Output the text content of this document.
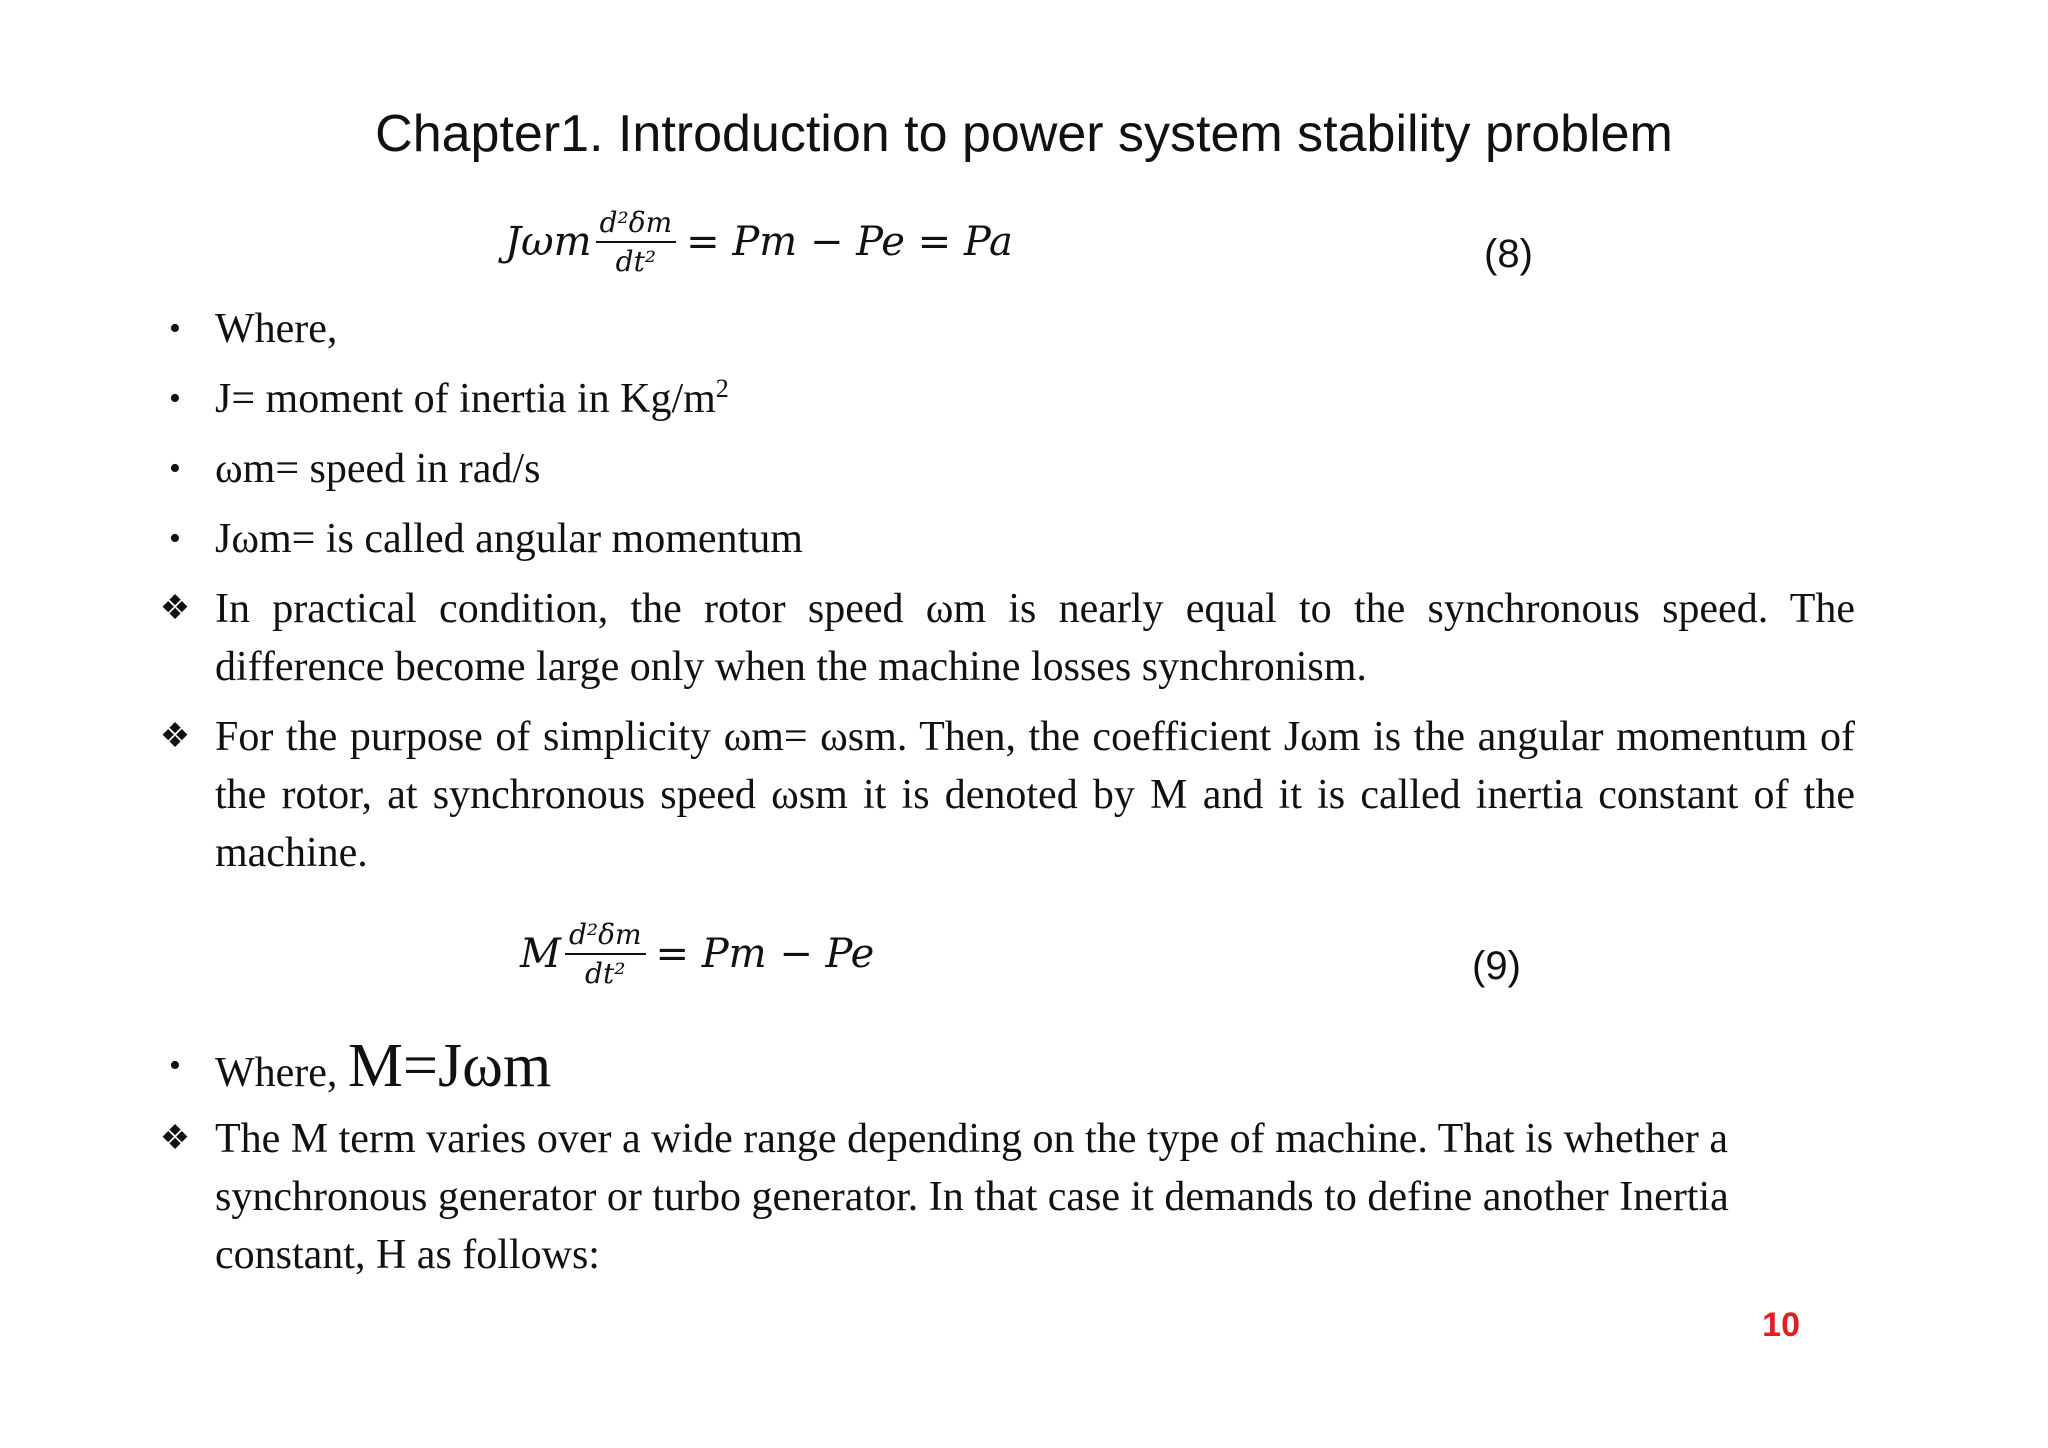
Chapter1. Introduction to power system stability problem
Jωm $\frac{\text{d²δm}}{\text{dt²}} = Pm - Pe = Pa$	(8)
• Where,
• J= moment of inertia in $Kg/m^2$
• ωm= speed in rad/s
• Jωm= is called angular momentum
❖ In practical condition, the rotor speed ωm is nearly equal to the synchronous speed. The difference become large only when the machine losses synchronism.
❖ For the purpose of simplicity ωm= ωsm. Then, the coefficient Jωm is the angular momentum of the rotor, at synchronous speed ωsm it is denoted by M and it is called inertia constant of the machine.
M $\frac{\text{d²δm}}{\text{dt²}} = Pm - Pe$	(9)
• Where, M=Jωm
❖ The M term varies over a wide range depending on the type of machine. That is whether a synchronous generator or turbo generator. In that case it demands to define another Inertia constant, H as follows:
10
